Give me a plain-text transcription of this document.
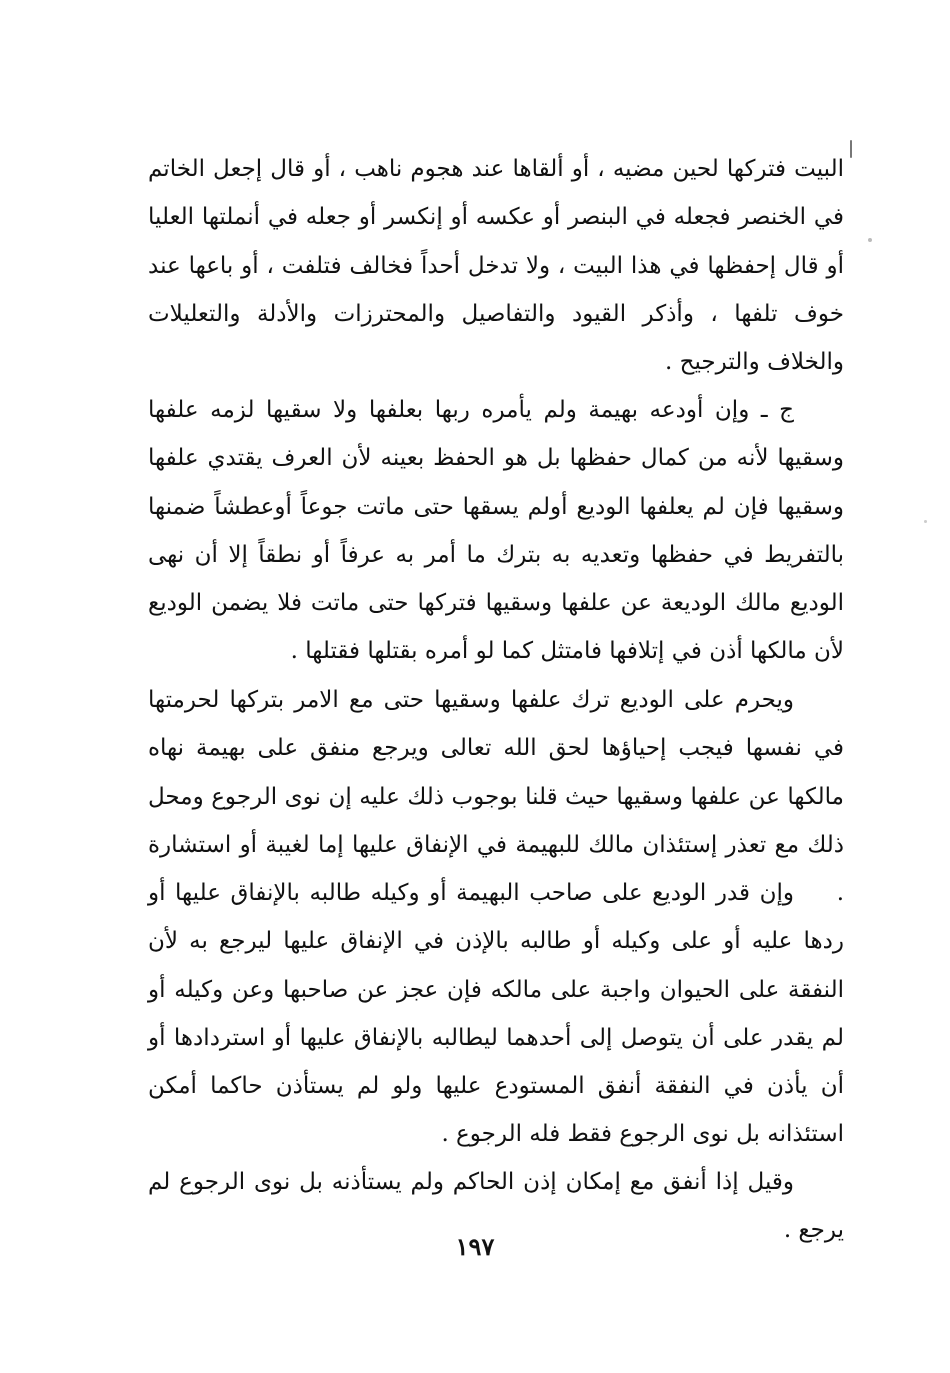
البيت فتركها لحين مضيه ، أو ألقاها عند هجوم ناهب ، أو قال إجعل الخاتم في الخنصر فجعله في البنصر أو عكسه أو إنكسر أو جعله في أنملتها العليا أو قال إحفظها في هذا البيت ، ولا تدخل أحداً فخالف فتلفت ، أو باعها عند خوف تلفها ، وأذكر القيود والتفاصيل والمحترزات والأدلة والتعليلات والخلاف والترجيح .

ج ـ وإن أودعه بهيمة ولم يأمره ربها بعلفها ولا سقيها لزمه علفها وسقيها لأنه من كمال حفظها بل هو الحفظ بعينه لأن العرف يقتدي علفها وسقيها فإن لم يعلفها الوديع أولم يسقها حتى ماتت جوعاً أوعطشاً ضمنها بالتفريط في حفظها وتعديه به بترك ما أمر به عرفاً أو نطقاً إلا أن نهى الوديع مالك الوديعة عن علفها وسقيها فتركها حتى ماتت فلا يضمن الوديع لأن مالكها أذن في إتلافها فامتثل كما لو أمره بقتلها فقتلها .

ويحرم على الوديع ترك علفها وسقيها حتى مع الامر بتركها لحرمتها في نفسها فيجب إحياؤها لحق الله تعالى ويرجع منفق على بهيمة نهاه مالكها عن علفها وسقيها حيث قلنا بوجوب ذلك عليه إن نوى الرجوع ومحل ذلك مع تعذر إستئذان مالك للبهيمة في الإنفاق عليها إما لغيبة أو استشارة .

وإن قدر الوديع على صاحب البهيمة أو وكيله طالبه بالإنفاق عليها أو ردها عليه أو على وكيله أو طالبه بالإذن في الإنفاق عليها ليرجع به لأن النفقة على الحيوان واجبة على مالكه فإن عجز عن صاحبها وعن وكيله أو لم يقدر على أن يتوصل إلى أحدهما ليطالبه بالإنفاق عليها أو استردادها أو أن يأذن في النفقة أنفق المستودع عليها ولو لم يستأذن حاكما أمكن استئذانه بل نوى الرجوع فقط فله الرجوع .

وقيل إذا أنفق مع إمكان إذن الحاكم ولم يستأذنه بل نوى الرجوع لم يرجع .

١٩٧
